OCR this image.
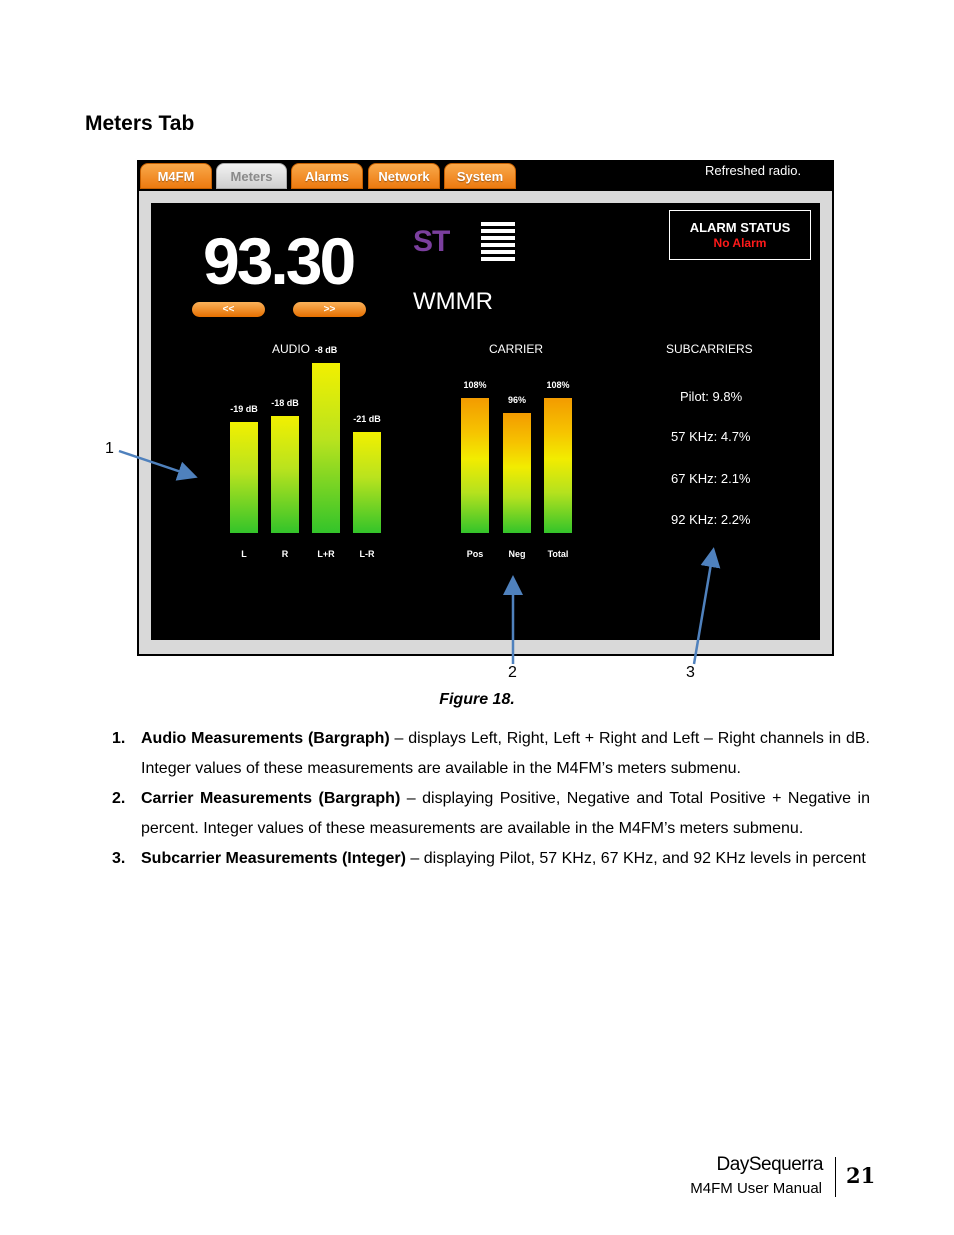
Meters Tab
M4FM	Meters	Alarms	Network	System	Refreshed radio.
93.30
<<	>>
ST
WMMR
ALARM STATUS
No Alarm
AUDIO	CARRIER	SUBCARRIERS
-19 dB
L
-18 dB
R
-8 dB
L+R
-21 dB
L-R
108%
Pos
96%
Neg
108%
Total
Pilot: 9.8%
57 KHz: 4.7%
67 KHz: 2.1%
92 KHz: 2.2%
1
2	3
Figure 18.
1. Audio Measurements (Bargraph) – displays Left, Right, Left + Right and Left – Right channels in dB. Integer values of these measurements are available in the M4FM’s meters submenu.
2. Carrier Measurements (Bargraph) – displaying Positive, Negative and Total Positive + Negative in percent. Integer values of these measurements are available in the M4FM’s meters submenu.
3. Subcarrier Measurements (Integer) – displaying Pilot, 57 KHz, 67 KHz, and 92 KHz levels in percent
DaySequerra
M4FM User Manual
21
